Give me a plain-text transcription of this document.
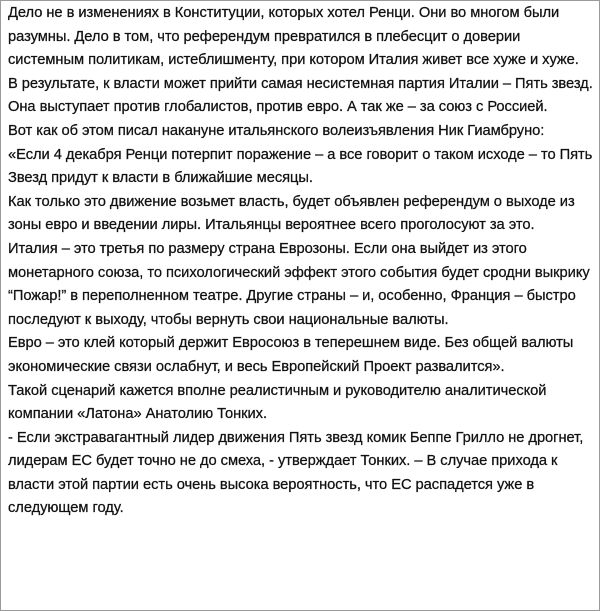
Дело не в изменениях в Конституции, которых хотел Ренци. Они во многом были разумны. Дело в том, что референдум превратился в плебесцит о доверии системным политикам, истеблишменту, при котором Италия живет все хуже и хуже.

В результате, к власти может прийти самая несистемная партия Италии – Пять звезд. Она выступает против глобалистов, против евро. А так же – за союз с Россией.

Вот как об этом писал накануне итальянского волеизъявления Ник Гиамбруно:

«Если 4 декабря Ренци потерпит поражение – а все говорит о таком исходе – то Пять Звезд придут к власти в ближайшие месяцы.

Как только это движение возьмет власть, будет объявлен референдум о выходе из зоны евро и введении лиры. Итальянцы вероятнее всего проголосуют за это.

Италия – это третья по размеру страна Еврозоны. Если она выйдет из этого монетарного союза, то психологический эффект этого события будет сродни выкрику “Пожар!” в переполненном театре. Другие страны – и, особенно, Франция – быстро последуют к выходу, чтобы вернуть свои национальные валюты.

Евро – это клей который держит Евросоюз в теперешнем виде. Без общей валюты экономические связи ослабнут, и весь Европейский Проект развалится».

Такой сценарий кажется вполне реалистичным и руководителю аналитической компании «Латона» Анатолию Тонких.

- Если экстравагантный лидер движения Пять звезд комик Беппе Грилло не дрогнет, лидерам ЕС будет точно не до смеха, - утверждает Тонких. – В случае прихода к власти этой партии есть очень высока вероятность, что ЕС распадется уже в следующем году.
